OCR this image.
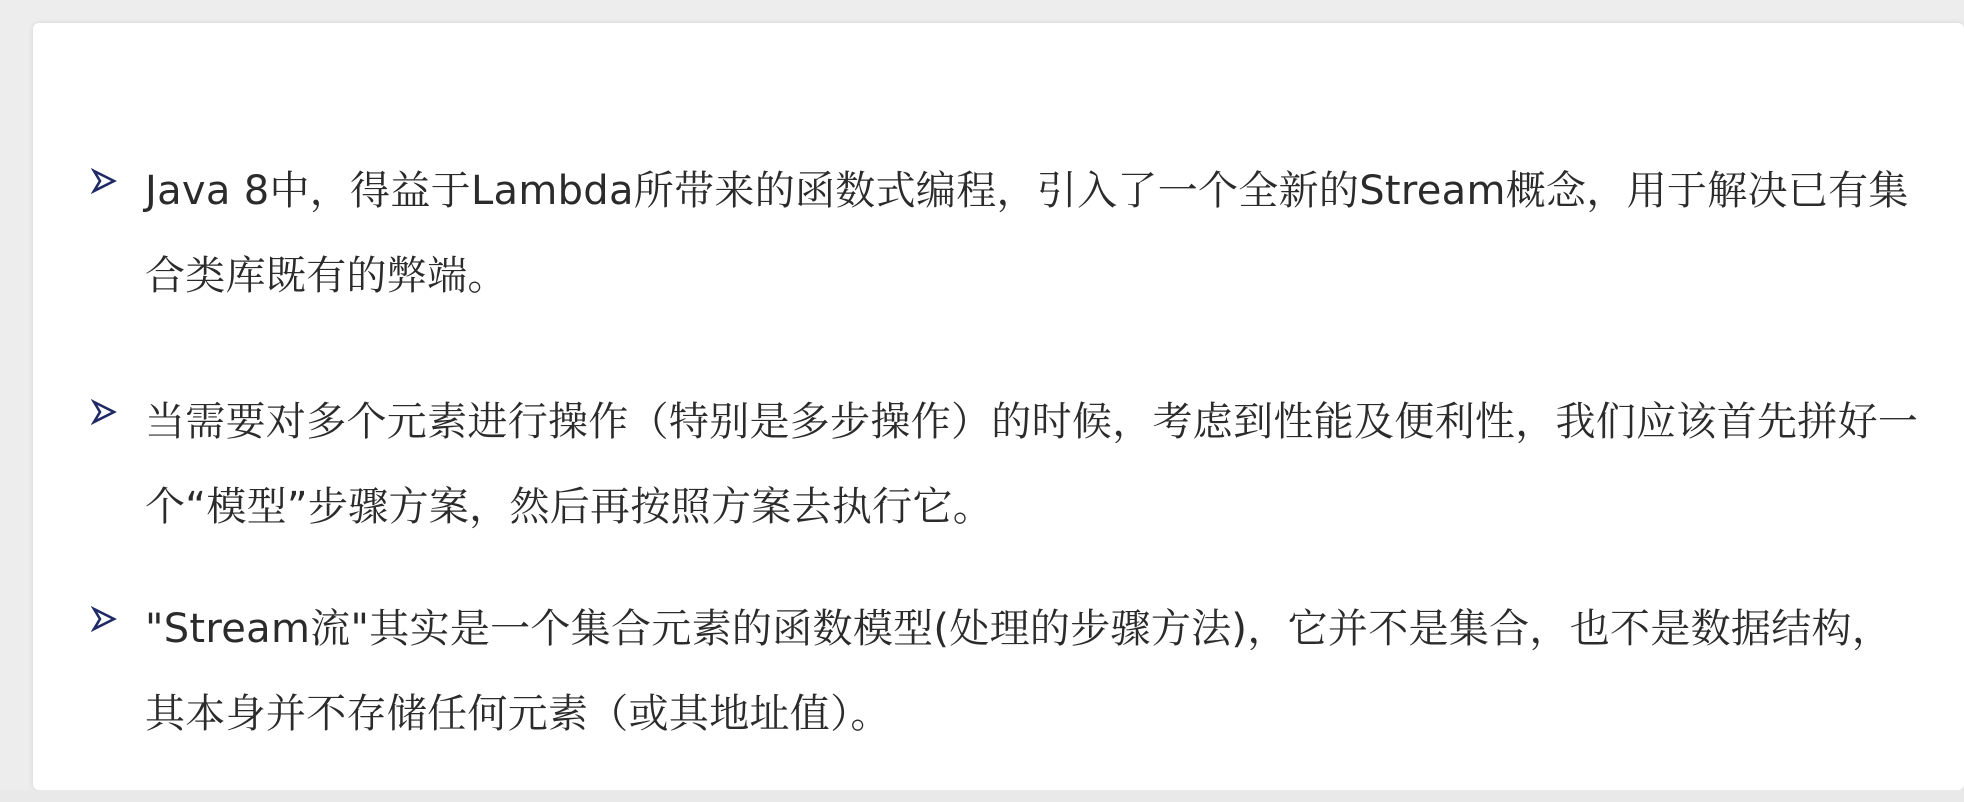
Java 8中，得益于Lambda所带来的函数式编程，引入了一个全新的Stream概念，用于解决已有集合类库既有的弊端。

当需要对多个元素进行操作（特别是多步操作）的时候，考虑到性能及便利性，我们应该首先拼好一个“模型”步骤方案，然后再按照方案去执行它。

"Stream流"其实是一个集合元素的函数模型(处理的步骤方法)，它并不是集合，也不是数据结构，其本身并不存储任何元素（或其地址值）。
